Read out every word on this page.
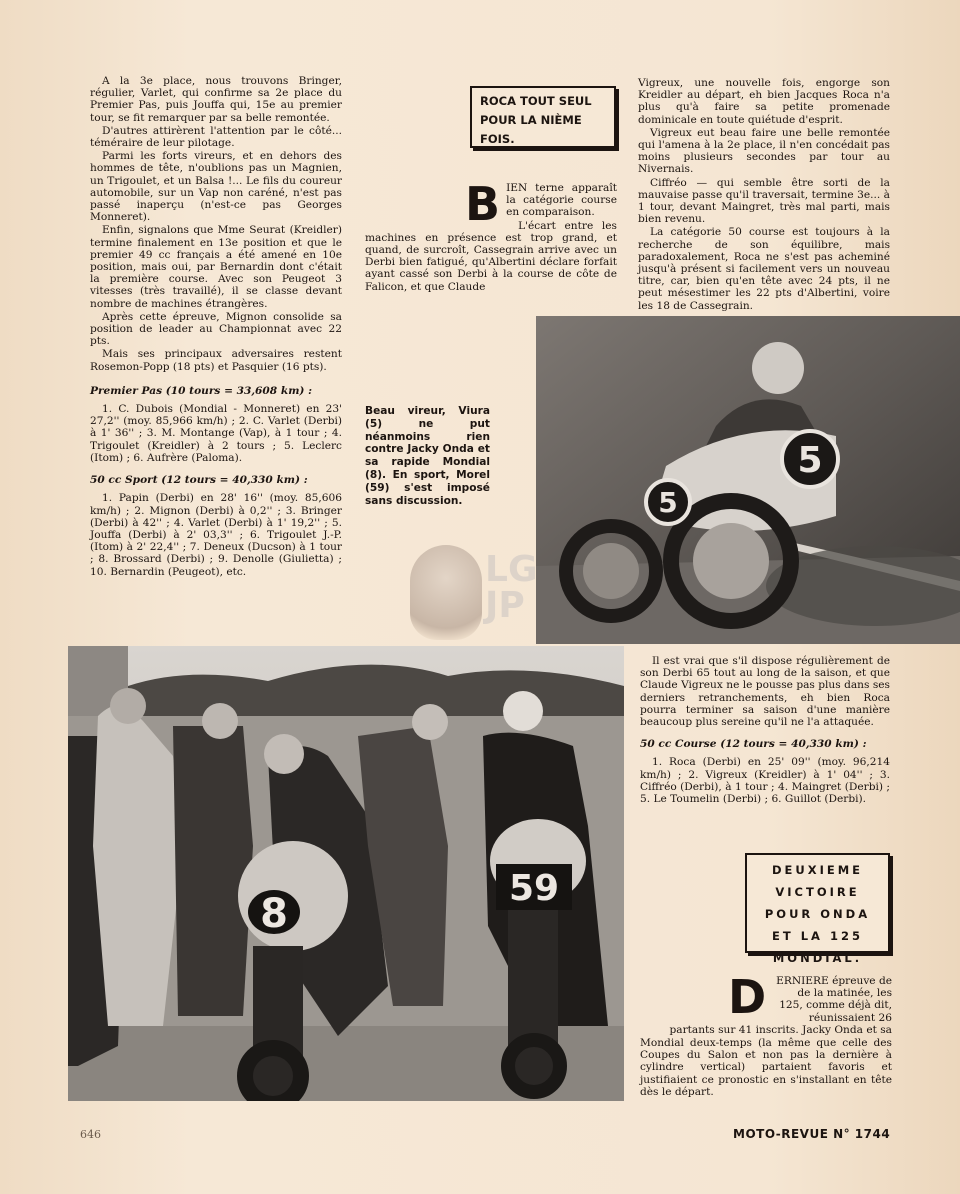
A la 3e place, nous trouvons Bringer, régulier, Varlet, qui confirme sa 2e place du Premier Pas, puis Jouffa qui, 15e au premier tour, se fit remarquer par sa belle remontée.

D'autres attirèrent l'attention par le côté... téméraire de leur pilotage.

Parmi les forts vireurs, et en dehors des hommes de tête, n'oublions pas un Magnien, un Trigoulet, et un Balsa !... Le fils du coureur automobile, sur un Vap non caréné, n'est pas passé inaperçu (n'est-ce pas Georges Monneret).

Enfin, signalons que Mme Seurat (Kreidler) termine finalement en 13e position et que le premier 49 cc français a été amené en 10e position, mais oui, par Bernardin dont c'était la première course. Avec son Peugeot 3 vitesses (très travaillé), il se classe devant nombre de machines étrangères.

Après cette épreuve, Mignon consolide sa position de leader au Championnat avec 22 pts.

Mais ses principaux adversaires restent Rosemon-Popp (18 pts) et Pasquier (16 pts).

Premier Pas (10 tours = 33,608 km) :

1. C. Dubois (Mondial - Monneret) en 23' 27,2'' (moy. 85,966 km/h) ; 2. C. Varlet (Derbi) à 1' 36'' ; 3. M. Montange (Vap), à 1 tour ; 4. Trigoulet (Kreidler) à 2 tours ; 5. Leclerc (Itom) ; 6. Aufrère (Paloma).

50 cc Sport (12 tours = 40,330 km) :

1. Papin (Derbi) en 28' 16'' (moy. 85,606 km/h) ; 2. Mignon (Derbi) à 0,2'' ; 3. Bringer (Derbi) à 42'' ; 4. Varlet (Derbi) à 1' 19,2'' ; 5. Jouffa (Derbi) à 2' 03,3'' ; 6. Trigoulet J.-P. (Itom) à 2' 22,4'' ; 7. Deneux (Ducson) à 1 tour ; 8. Brossard (Derbi) ; 9. Denolle (Giulietta) ; 10. Bernardin (Peugeot), etc.

ROCA TOUT SEUL
POUR LA NIÈME
FOIS.
B IEN terne apparaît la catégorie course en comparaison.

L'écart entre les machines en présence est trop grand, et quand, de surcroît, Cassegrain arrive avec un Derbi bien fatigué, qu'Albertini déclare forfait ayant cassé son Derbi à la course de côte de Falicon, et que Claude

Vigreux, une nouvelle fois, engorge son Kreidler au départ, eh bien Jacques Roca n'a plus qu'à faire sa petite promenade dominicale en toute quiétude d'esprit.

Vigreux eut beau faire une belle remontée qui l'amena à la 2e place, il n'en concédait pas moins plusieurs secondes par tour au Nivernais.

Ciffréo — qui semble être sorti de la mauvaise passe qu'il traversait, termine 3e... à 1 tour, devant Maingret, très mal parti, mais bien revenu.

La catégorie 50 course est toujours à la recherche de son équilibre, mais paradoxalement, Roca ne s'est pas acheminé jusqu'à présent si facilement vers un nouveau titre, car, bien qu'en tête avec 24 pts, il ne peut mésestimer les 22 pts d'Albertini, voire les 18 de Cassegrain.

5
5
Beau vireur, Viura (5) ne put néanmoins rien contre Jacky Onda et sa rapide Mondial (8). En sport, Morel (59) s'est imposé sans discussion.
LG
JP
8
59

Il est vrai que s'il dispose régulièrement de son Derbi 65 tout au long de la saison, et que Claude Vigreux ne le pousse pas plus dans ses derniers retranchements, eh bien Roca pourra terminer sa saison d'une manière beaucoup plus sereine qu'il ne l'a attaquée.

50 cc Course (12 tours = 40,330 km) :

1. Roca (Derbi) en 25' 09'' (moy. 96,214 km/h) ; 2. Vigreux (Kreidler) à 1' 04'' ; 3. Ciffréo (Derbi), à 1 tour ; 4. Maingret (Derbi) ; 5. Le Toumelin (Derbi) ; 6. Guillot (Derbi).

DEUXIEME
VICTOIRE
POUR ONDA
ET LA 125
MONDIAL.
D ERNIERE épreuve de de la matinée, les 125, comme déjà dit, réunissaient 26 partants sur 41 inscrits. Jacky Onda et sa

Mondial deux-temps (la même que celle des Coupes du Salon et non pas la dernière à cylindre vertical) partaient favoris et justifiaient ce pronostic en s'installant en tête dès le départ.

646	MOTO-REVUE N° 1744
